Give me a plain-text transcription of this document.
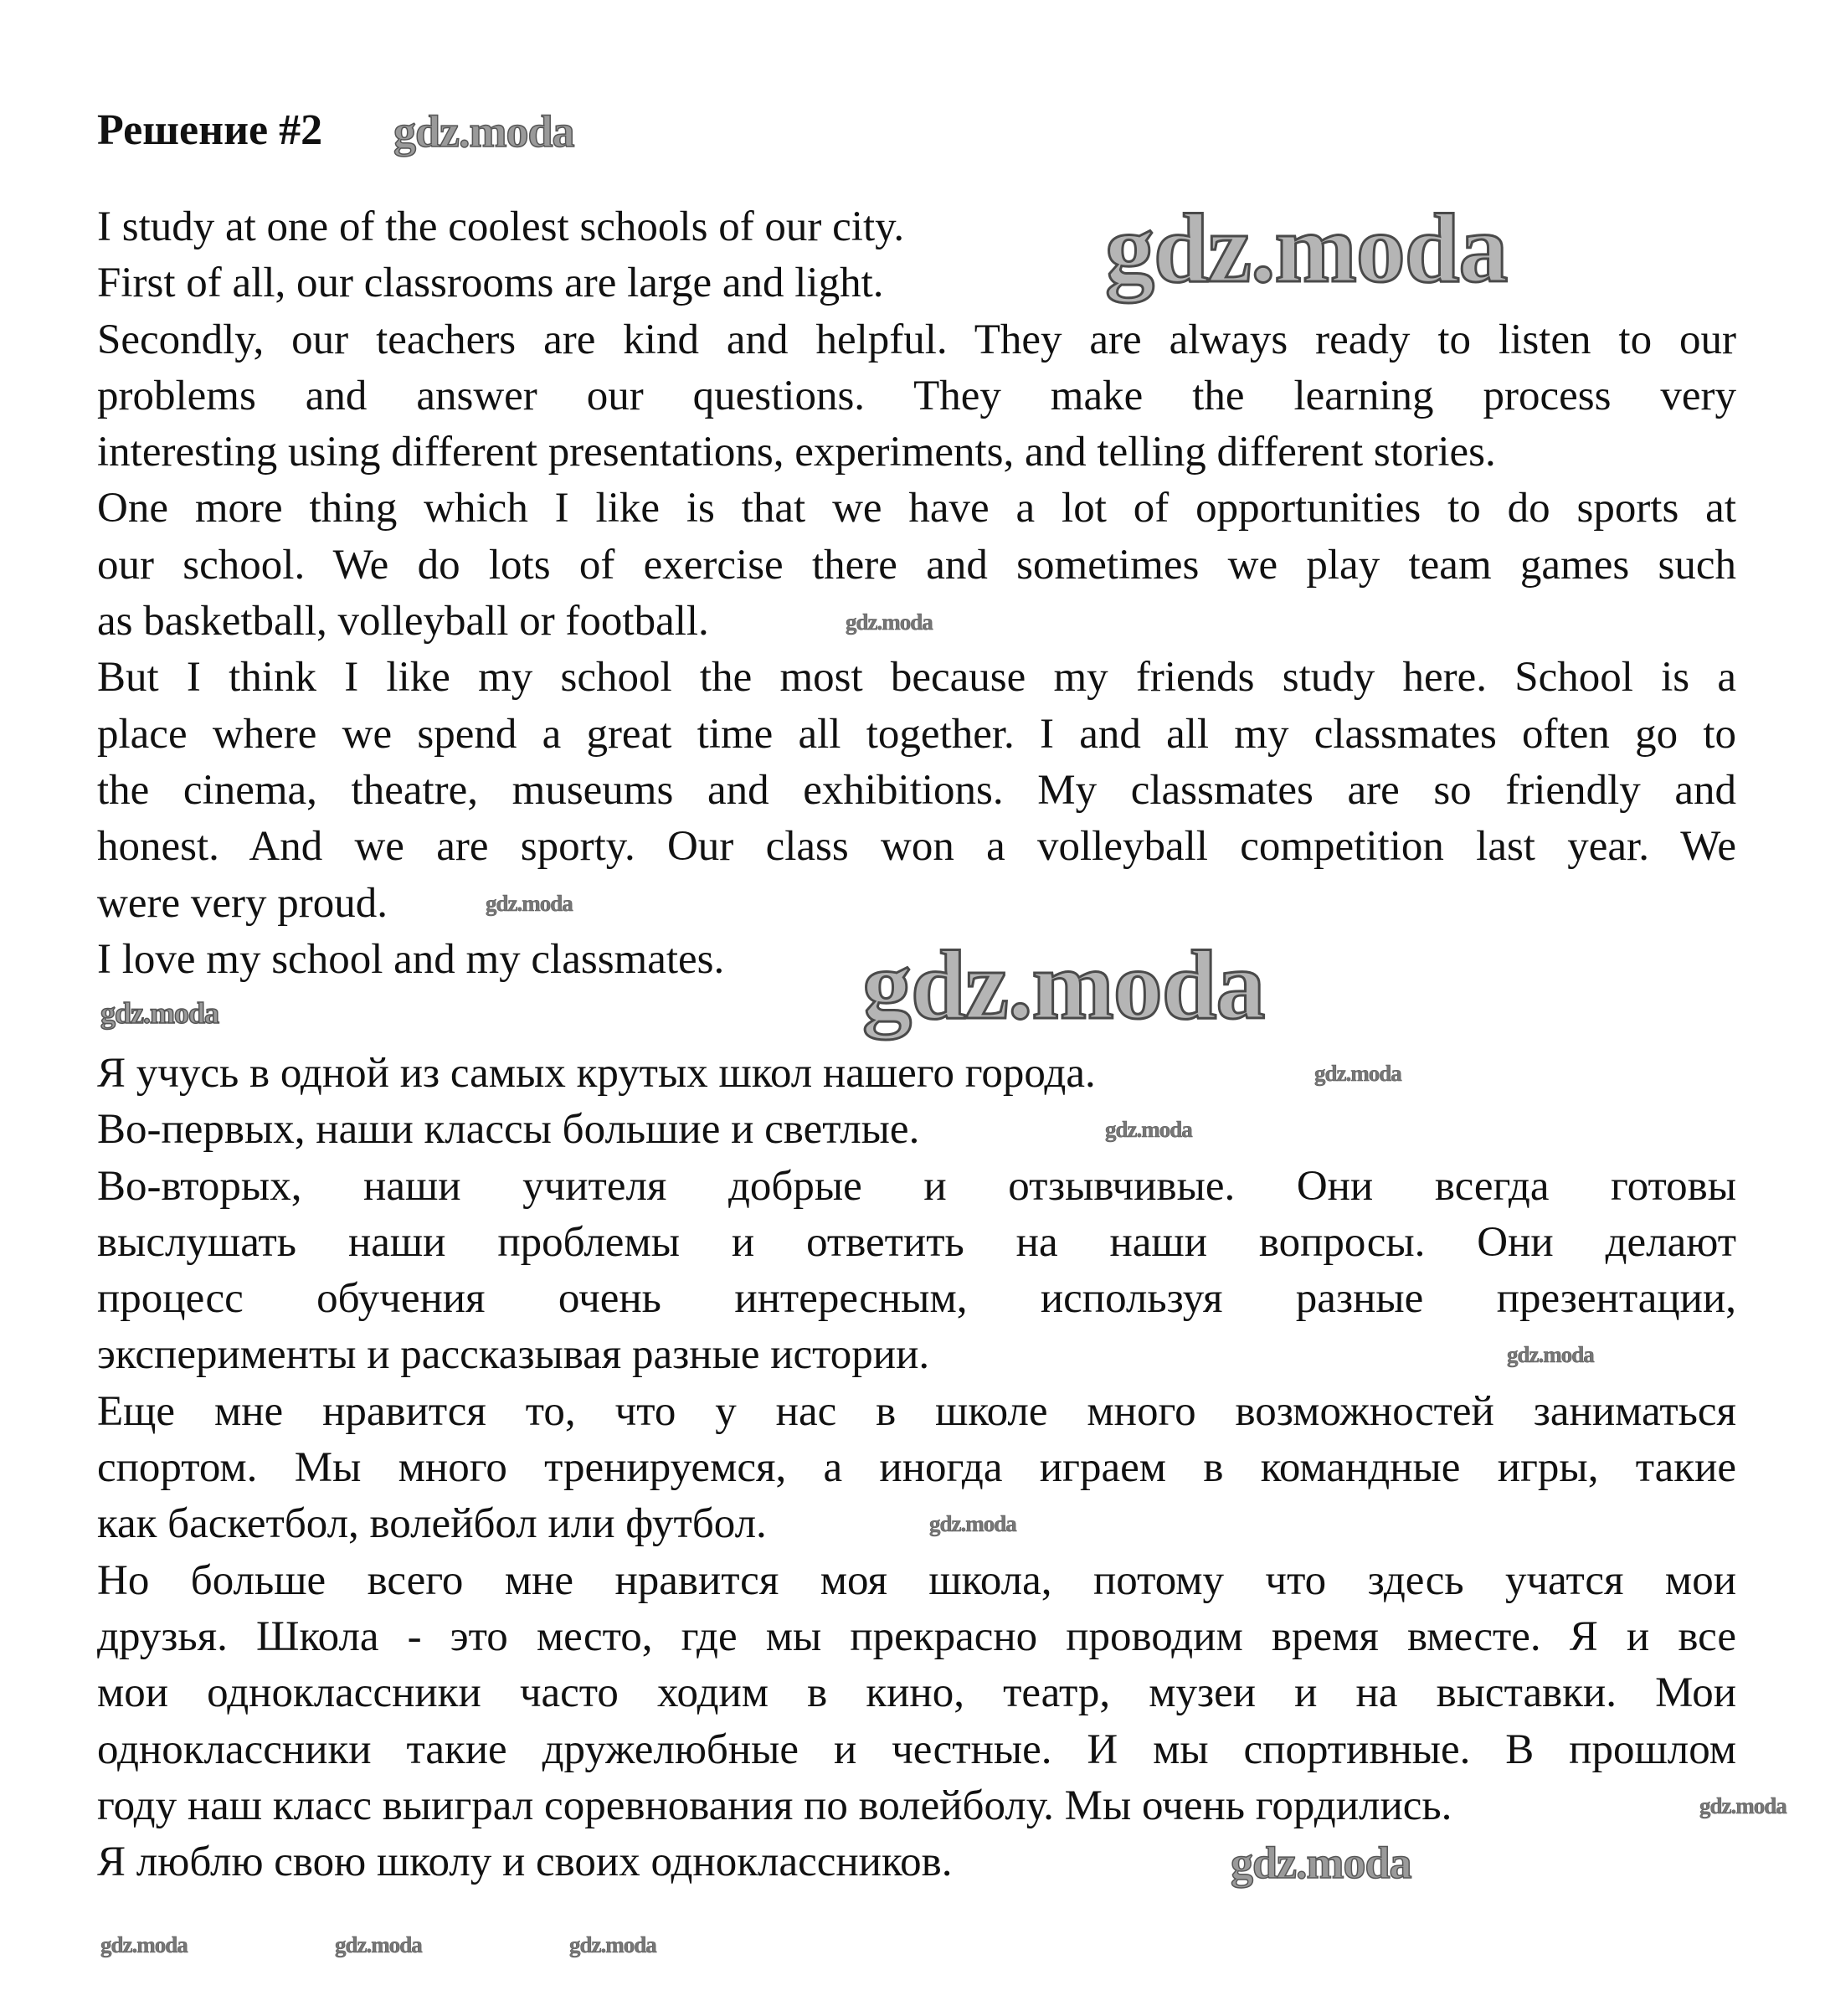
Решение #2
I study at one of the coolest schools of our city.
First of all, our classrooms are large and light.
Secondly, our teachers are kind and helpful. They are always ready to listen to our
problems and answer our questions. They make the learning process very
interesting using different presentations, experiments, and telling different stories.
One more thing which I like is that we have a lot of opportunities to do sports at
our school. We do lots of exercise there and sometimes we play team games such
as basketball, volleyball or football.
But I think I like my school the most because my friends study here. School is a
place where we spend a great time all together. I and all my classmates often go to
the cinema, theatre, museums and exhibitions. My classmates are so friendly and
honest. And we are sporty. Our class won a volleyball competition last year. We
were very proud.
I love my school and my classmates.
Я учусь в одной из самых крутых школ нашего города.
Во-первых, наши классы большие и светлые.
Во-вторых, наши учителя добрые и отзывчивые. Они всегда готовы
выслушать наши проблемы и ответить на наши вопросы. Они делают
процесс обучения очень интересным, используя разные презентации,
эксперименты и рассказывая разные истории.
Еще мне нравится то, что у нас в школе много возможностей заниматься
спортом. Мы много тренируемся, а иногда играем в командные игры, такие
как баскетбол, волейбол или футбол.
Но больше всего мне нравится моя школа, потому что здесь учатся мои
друзья. Школа - это место, где мы прекрасно проводим время вместе. Я и все
мои одноклассники часто ходим в кино, театр, музеи и на выставки. Мои
одноклассники такие дружелюбные и честные. И мы спортивные. В прошлом
году наш класс выиграл соревнования по волейболу. Мы очень гордились.
Я люблю свою школу и своих одноклассников.
gdz.moda
gdz.moda
gdz.moda
gdz.moda
gdz.moda
gdz.moda
gdz.moda
gdz.moda
gdz.moda
gdz.moda
gdz.moda
gdz.moda
gdz.moda	gdz.moda	gdz.moda
